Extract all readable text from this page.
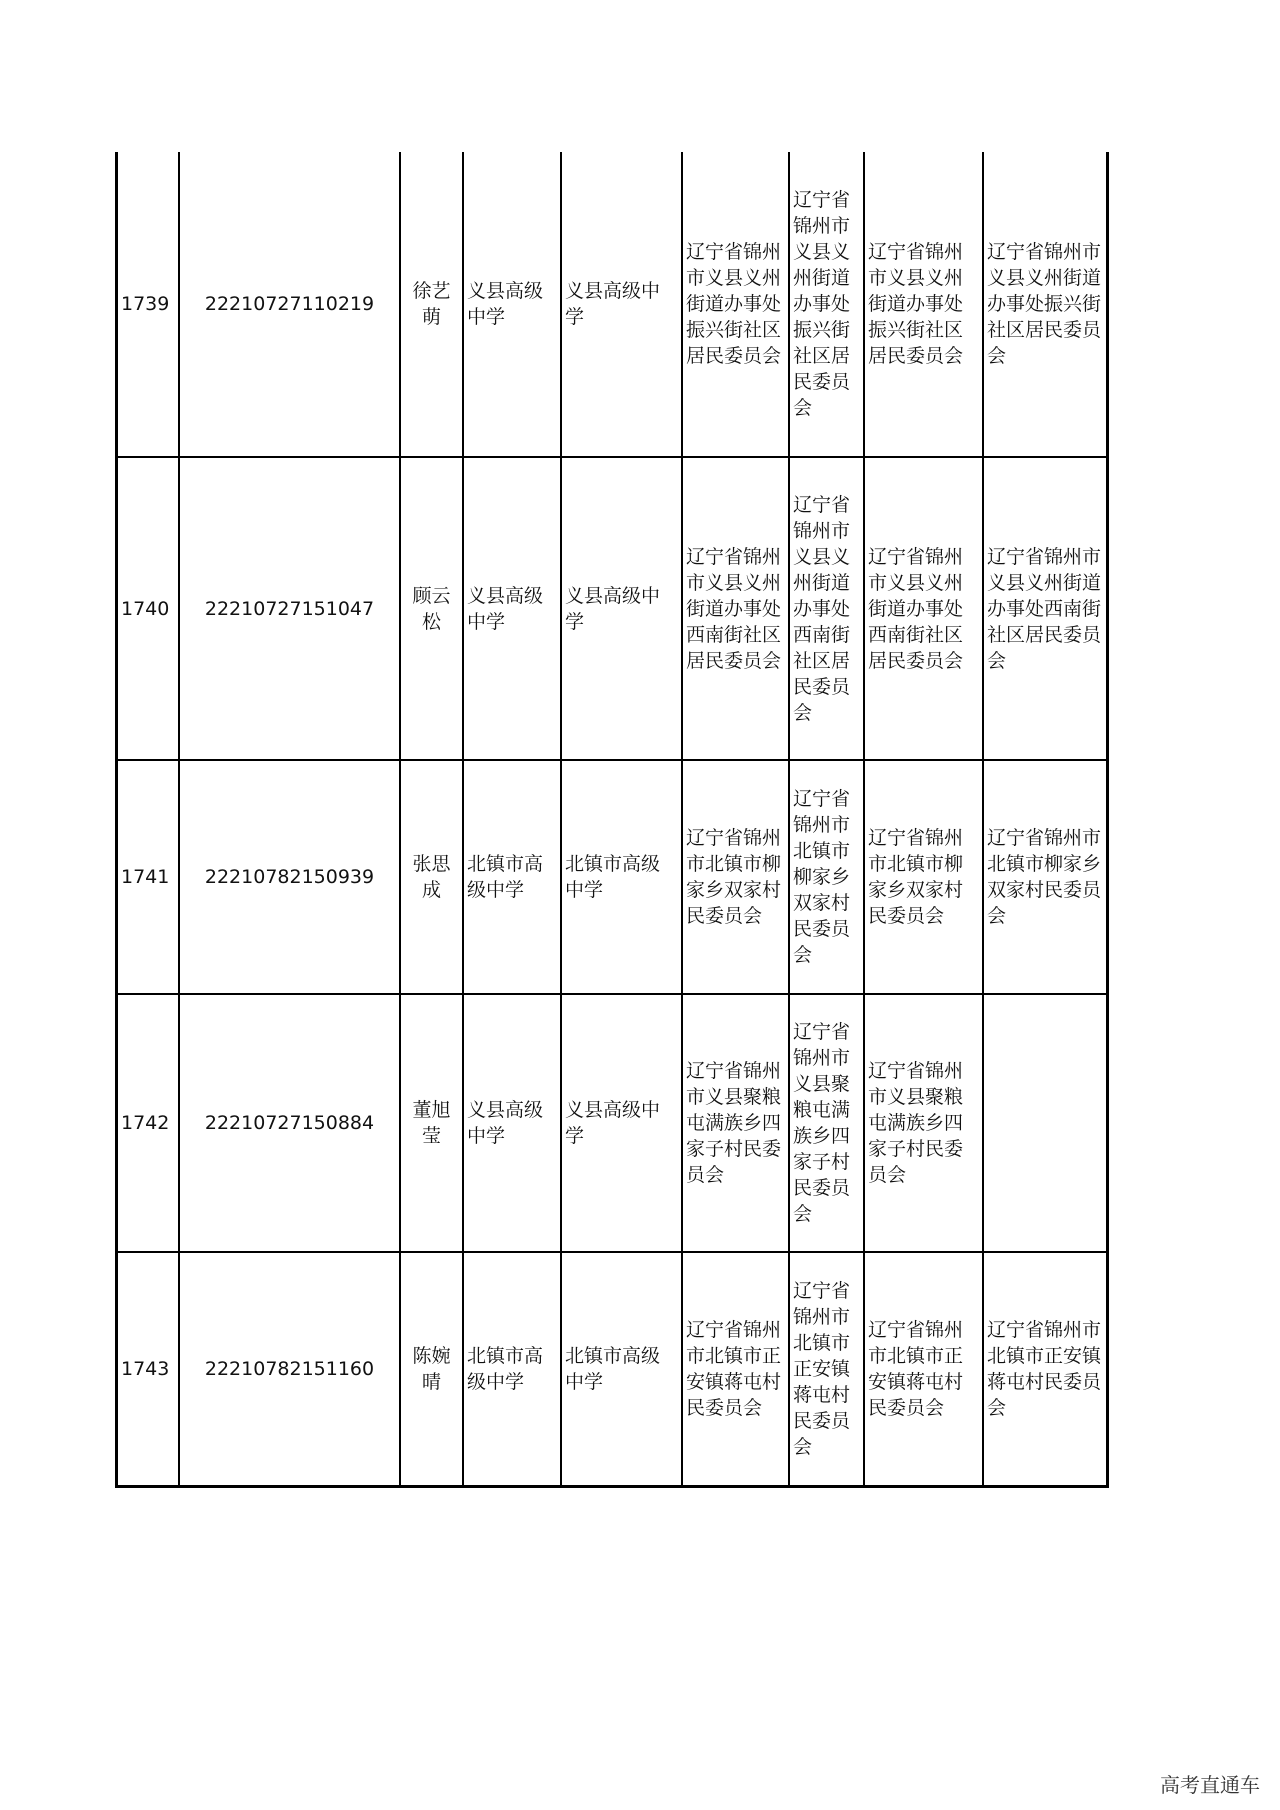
1739	22210727110219	徐艺萌	义县高级中学	义县高级中学	辽宁省锦州市义县义州街道办事处振兴街社区居民委员会	辽宁省锦州市义县义州街道办事处振兴街社区居民委员会	辽宁省锦州市义县义州街道办事处振兴街社区居民委员会	辽宁省锦州市义县义州街道办事处振兴街社区居民委员会
1740	22210727151047	顾云松	义县高级中学	义县高级中学	辽宁省锦州市义县义州街道办事处西南街社区居民委员会	辽宁省锦州市义县义州街道办事处西南街社区居民委员会	辽宁省锦州市义县义州街道办事处西南街社区居民委员会	辽宁省锦州市义县义州街道办事处西南街社区居民委员会
1741	22210782150939	张思成	北镇市高级中学	北镇市高级中学	辽宁省锦州市北镇市柳家乡双家村民委员会	辽宁省锦州市北镇市柳家乡双家村民委员会	辽宁省锦州市北镇市柳家乡双家村民委员会	辽宁省锦州市北镇市柳家乡双家村民委员会
1742	22210727150884	董旭莹	义县高级中学	义县高级中学	辽宁省锦州市义县聚粮屯满族乡四家子村民委员会	辽宁省锦州市义县聚粮屯满族乡四家子村民委员会	辽宁省锦州市义县聚粮屯满族乡四家子村民委员会	
1743	22210782151160	陈婉晴	北镇市高级中学	北镇市高级中学	辽宁省锦州市北镇市正安镇蒋屯村民委员会	辽宁省锦州市北镇市正安镇蒋屯村民委员会	辽宁省锦州市北镇市正安镇蒋屯村民委员会	辽宁省锦州市北镇市正安镇蒋屯村民委员会
高考直通车
